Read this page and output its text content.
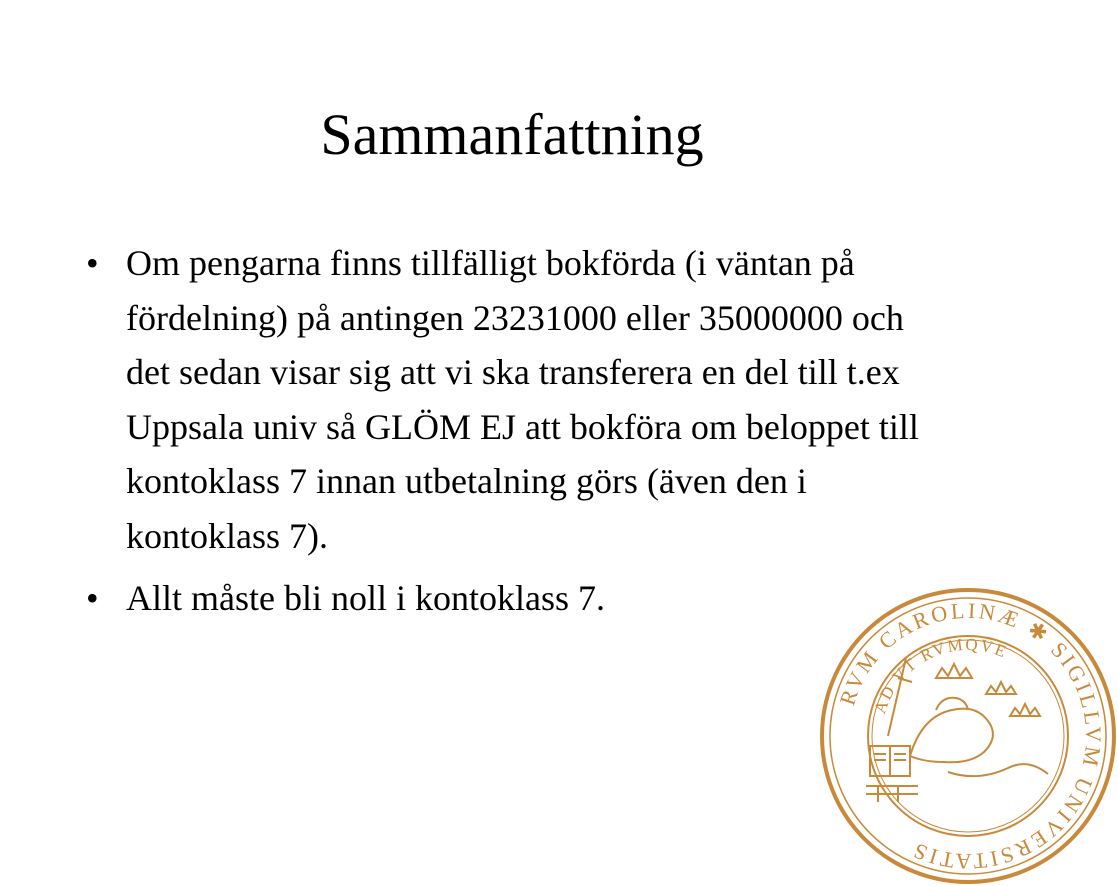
Sammanfattning
• Om pengarna finns tillfälligt bokförda (i väntan på fördelning) på antingen 23231000 eller 35000000 och det sedan visar sig att vi ska transferera en del till t.ex Uppsala univ så GLÖM EJ att bokföra om beloppet till kontoklass 7 innan utbetalning görs (även den i kontoklass 7).
• Allt måste bli noll i kontoklass 7.
RVM CAROLINÆ ✱ SIGILLVM UNIVERSITATIS
AD VT RVMQVE
